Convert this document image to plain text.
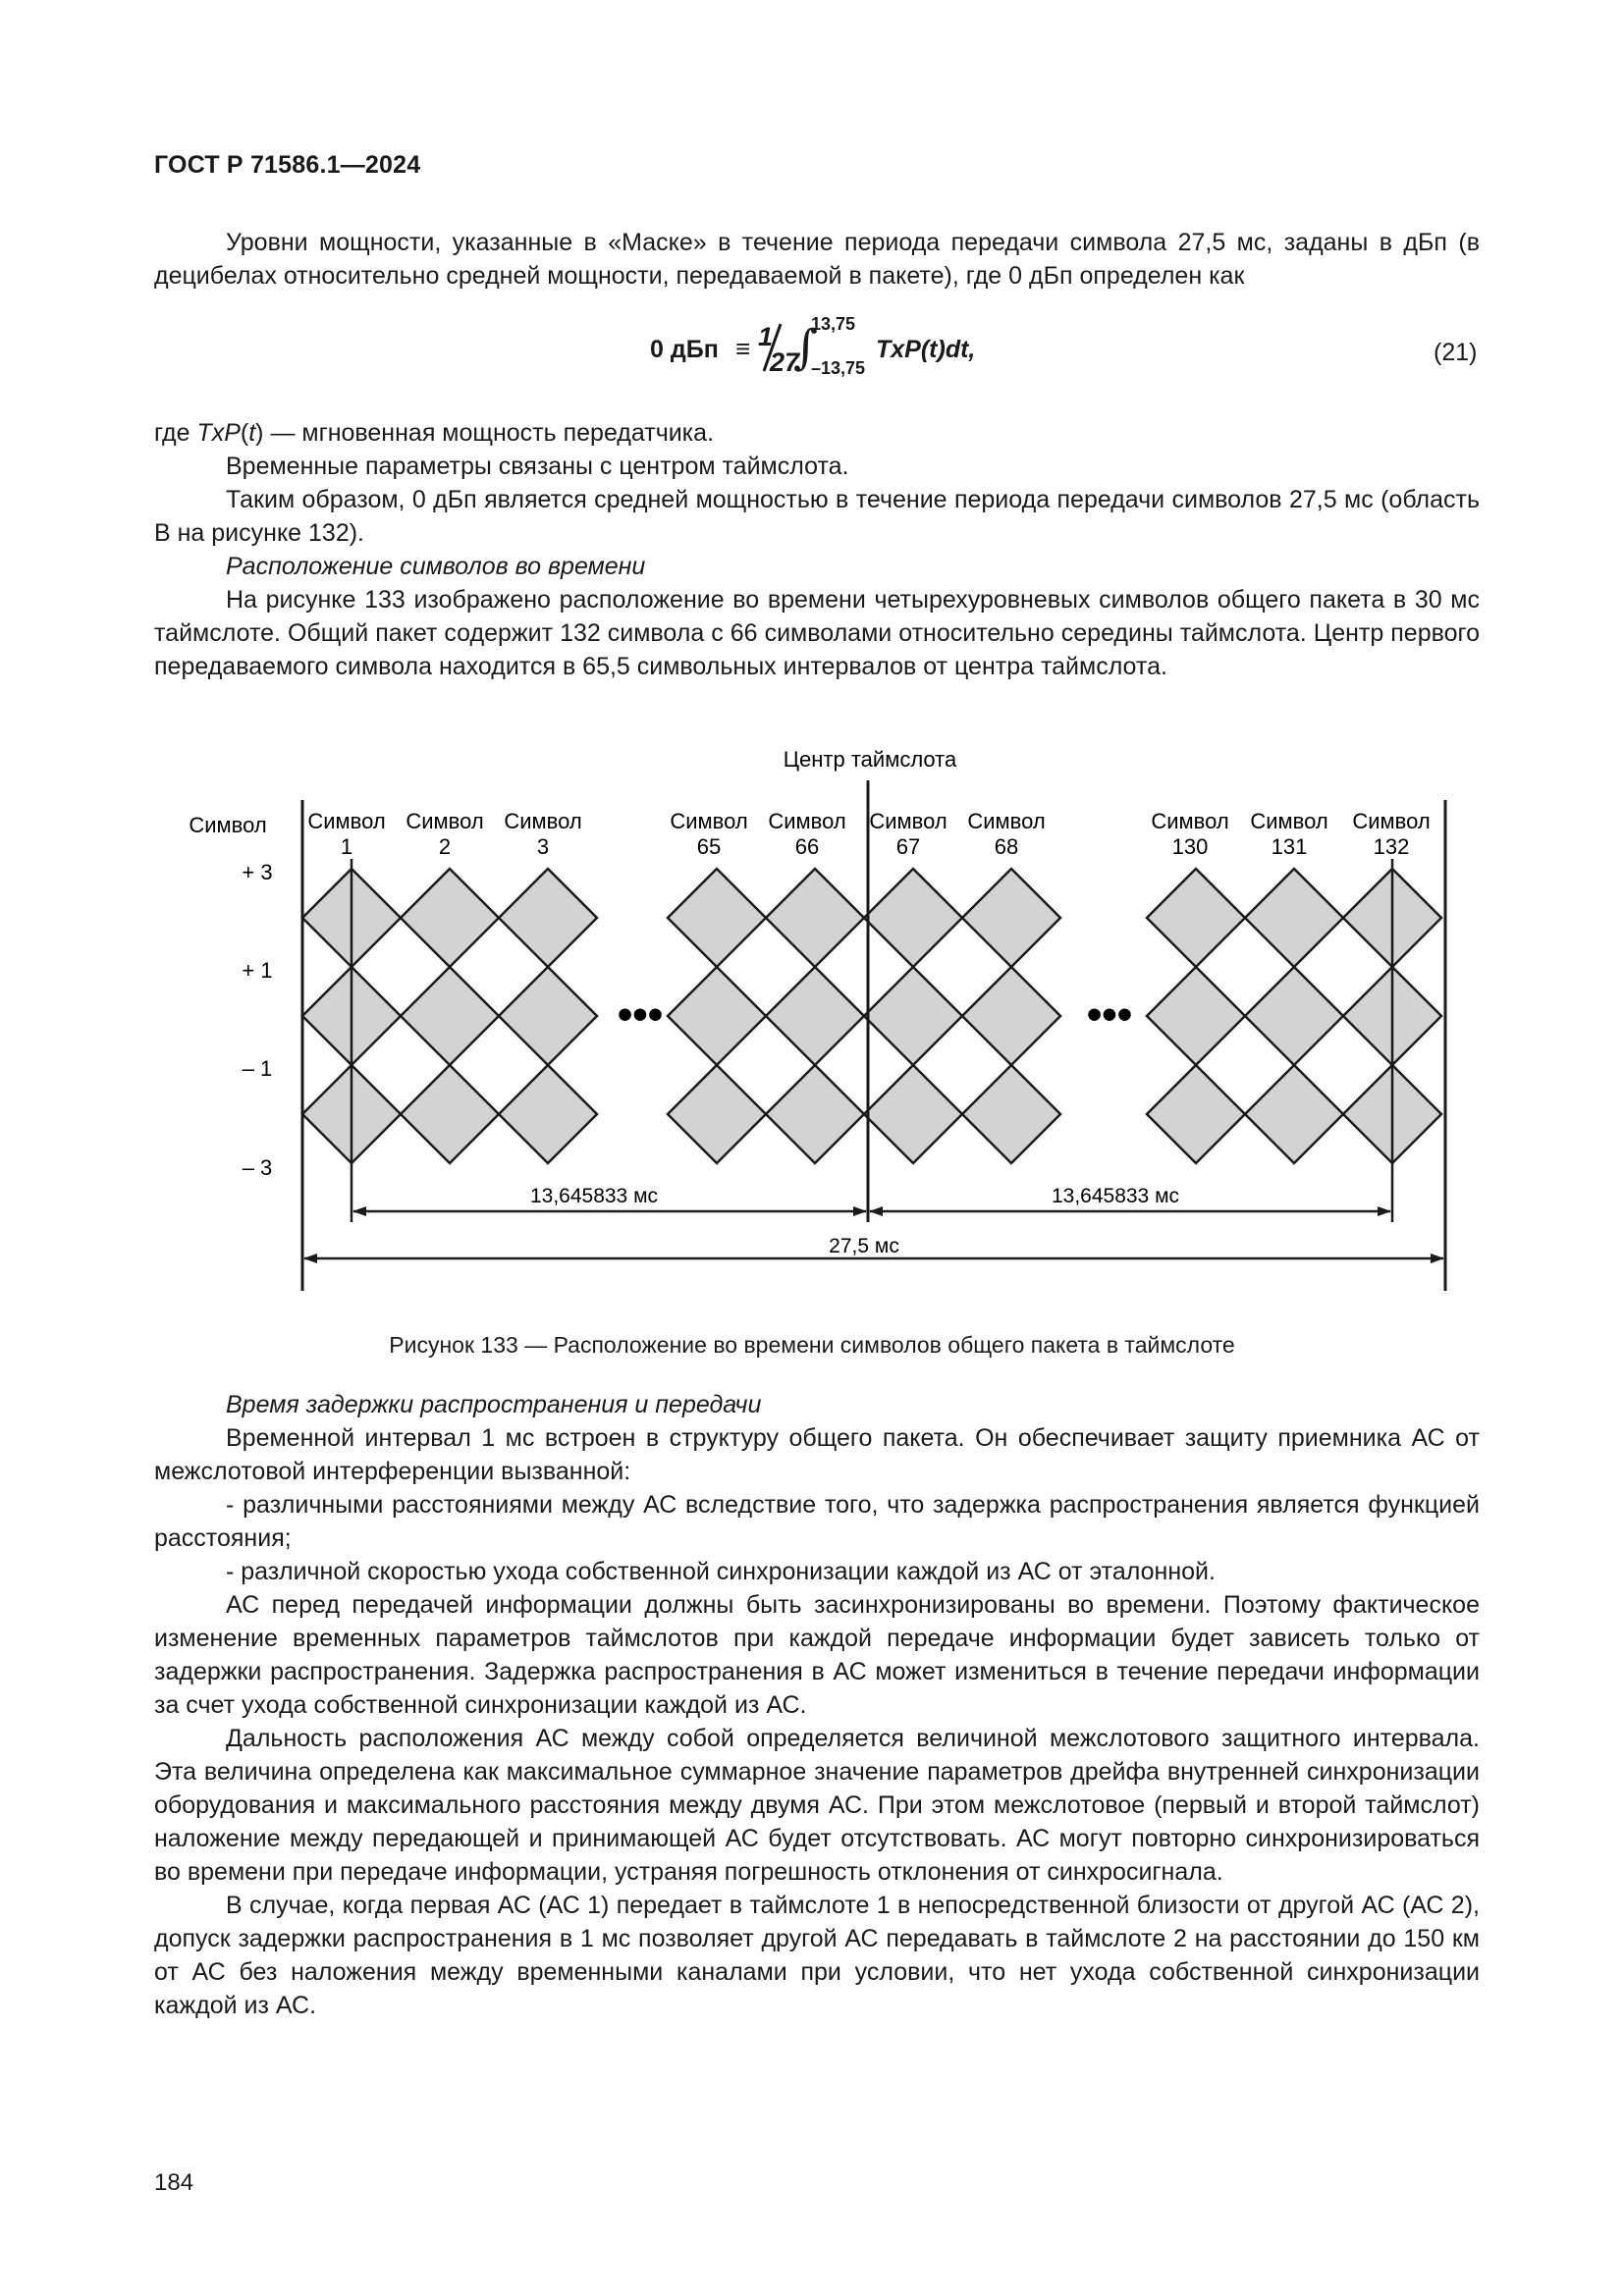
ГОСТ Р 71586.1—2024

Уровни мощности, указанные в «Маске» в течение периода передачи символа 27,5 мс, заданы в дБп (в децибелах относительно средней мощности, передаваемой в пакете), где 0 дБп определен как

0 дБп ≡ 1
27
∫
13,75
–13,75
TxP(t)dt,	(21)

где TxP(t) — мгновенная мощность передатчика.

Временные параметры связаны с центром таймслота.

Таким образом, 0 дБп является средней мощностью в течение периода передачи символов 27,5 мс (область В на рисунке 132).

Расположение символов во времени

На рисунке 133 изображено расположение во времени четырехуровневых символов общего пакета в 30 мс таймслоте. Общий пакет содержит 132 символа с 66 символами относительно середины таймслота. Центр первого передаваемого символа находится в 65,5 символьных интервалов от центра таймслота.

Центр таймслота
Символ
+ 3
+ 1
– 1
– 3
Символ
1
Символ
2
Символ
3
Символ
65
Символ
66
Символ
67
Символ
68
Символ
130
Символ
131
Символ
132
•••	•••
13,645833 мс	13,645833 мс
27,5 мс
Рисунок 133 — Расположение во времени символов общего пакета в таймслоте

Время задержки распространения и передачи

Временной интервал 1 мс встроен в структуру общего пакета. Он обеспечивает защиту приемника АС от межслотовой интерференции вызванной:

- различными расстояниями между АС вследствие того, что задержка распространения является функцией расстояния;

- различной скоростью ухода собственной синхронизации каждой из АС от эталонной.

АС перед передачей информации должны быть засинхронизированы во времени. Поэтому фактическое изменение временных параметров таймслотов при каждой передаче информации будет зависеть только от задержки распространения. Задержка распространения в АС может измениться в течение передачи информации за счет ухода собственной синхронизации каждой из АС.

Дальность расположения АС между собой определяется величиной межслотового защитного интервала. Эта величина определена как максимальное суммарное значение параметров дрейфа внутренней синхронизации оборудования и максимального расстояния между двумя АС. При этом межслотовое (первый и второй таймслот) наложение между передающей и принимающей АС будет отсутствовать. АС могут повторно синхронизироваться во времени при передаче информации, устраняя погрешность отклонения от синхросигнала.

В случае, когда первая АС (АС 1) передает в таймслоте 1 в непосредственной близости от другой АС (АС 2), допуск задержки распространения в 1 мс позволяет другой АС передавать в таймслоте 2 на расстоянии до 150 км от АС без наложения между временными каналами при условии, что нет ухода собственной синхронизации каждой из АС.

184
